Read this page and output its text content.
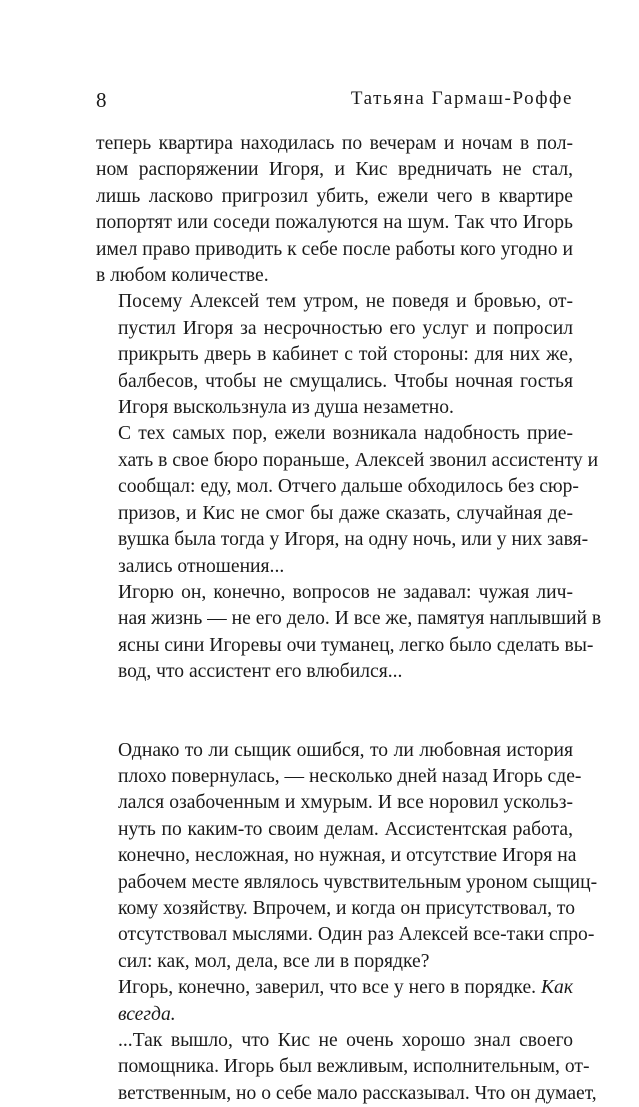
8	Татьяна Гармаш-Роффе
теперь квартира находилась по вечерам и ночам в пол-
ном распоряжении Игоря, и Кис вредничать не стал,
лишь ласково пригрозил убить, ежели чего в квартире
попортят или соседи пожалуются на шум. Так что Игорь
имел право приводить к себе после работы кого угодно и
в любом количестве.
Посему Алексей тем утром, не поведя и бровью, от-
пустил Игоря за несрочностью его услуг и попросил
прикрыть дверь в кабинет с той стороны: для них же,
балбесов, чтобы не смущались. Чтобы ночная гостья
Игоря выскользнула из душа незаметно.
С тех самых пор, ежели возникала надобность прие-
хать в свое бюро пораньше, Алексей звонил ассистенту и
сообщал: еду, мол. Отчего дальше обходилось без сюр-
призов, и Кис не смог бы даже сказать, случайная де-
вушка была тогда у Игоря, на одну ночь, или у них завя-
зались отношения...
Игорю он, конечно, вопросов не задавал: чужая лич-
ная жизнь — не его дело. И все же, памятуя наплывший в
ясны сини Игоревы очи туманец, легко было сделать вы-
вод, что ассистент его влюбился...
Однако то ли сыщик ошибся, то ли любовная история
плохо повернулась, — несколько дней назад Игорь сде-
лался озабоченным и хмурым. И все норовил ускольз-
нуть по каким-то своим делам. Ассистентская работа,
конечно, несложная, но нужная, и отсутствие Игоря на
рабочем месте являлось чувствительным уроном сыщиц-
кому хозяйству. Впрочем, и когда он присутствовал, то
отсутствовал мыслями. Один раз Алексей все-таки спро-
сил: как, мол, дела, все ли в порядке?
Игорь, конечно, заверил, что все у него в порядке. Как
всегда.
...Так вышло, что Кис не очень хорошо знал своего
помощника. Игорь был вежливым, исполнительным, от-
ветственным, но о себе мало рассказывал. Что он думает,
